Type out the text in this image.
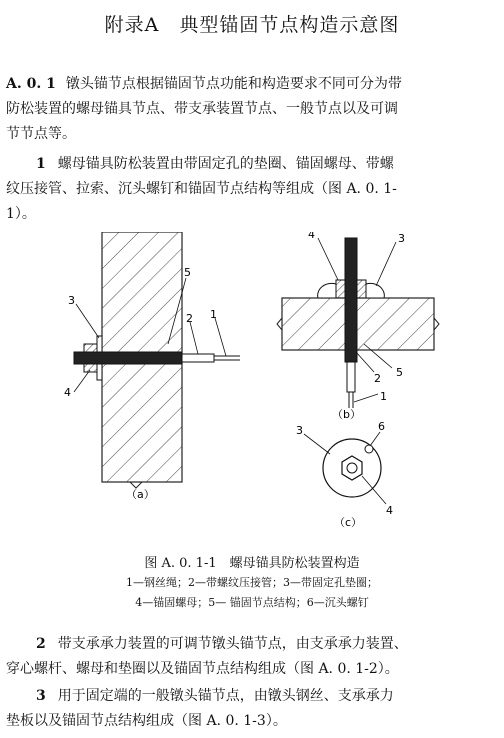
附录A　典型锚固节点构造示意图
A. 0. 1 镦头锚节点根据锚固节点功能和构造要求不同可分为带
防松装置的螺母锚具节点、带支承装置节点、一般节点以及可调
节节点等。
1 螺母锚具防松装置由带固定孔的垫圈、锚固螺母、带螺
纹压接管、拉索、沉头螺钉和锚固节点结构等组成（图 A. 0. 1-
1）。
3
5
2 1
4
（a）
4	3
2 5
1
（b）
3	6
4
（c）
图 A. 0. 1-1　螺母锚具防松装置构造
1—钢丝绳；2—带螺纹压接管；3—带固定孔垫圈；
4—锚固螺母；5— 锚固节点结构；6—沉头螺钉
2 带支承承力装置的可调节镦头锚节点，由支承承力装置、
穿心螺杆、螺母和垫圈以及锚固节点结构组成（图 A. 0. 1-2）。
3 用于固定端的一般镦头锚节点，由镦头钢丝、支承承力
垫板以及锚固节点结构组成（图 A. 0. 1-3）。
